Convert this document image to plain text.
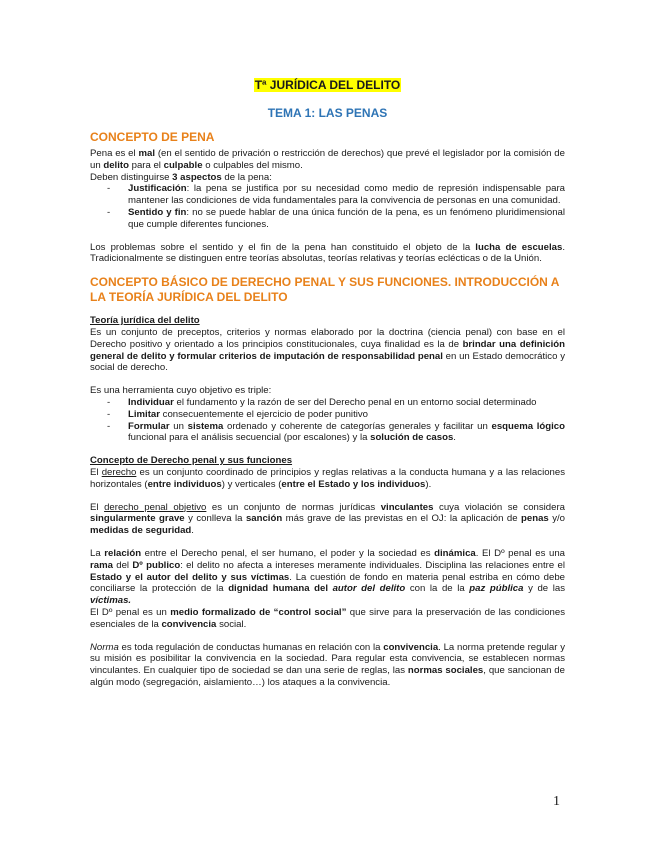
Tª JURÍDICA DEL DELITO
TEMA 1: LAS PENAS
CONCEPTO DE PENA

Pena es el mal (en el sentido de privación o restricción de derechos) que prevé el legislador por la comisión de un delito para el culpable o culpables del mismo.

Deben distinguirse 3 aspectos de la pena:

- Justificación: la pena se justifica por su necesidad como medio de represión indispensable para mantener las condiciones de vida fundamentales para la convivencia de personas en una comunidad.
- Sentido y fin: no se puede hablar de una única función de la pena, es un fenómeno pluridimensional que cumple diferentes funciones.

Los problemas sobre el sentido y el fin de la pena han constituido el objeto de la lucha de escuelas. Tradicionalmente se distinguen entre teorías absolutas, teorías relativas y teorías eclécticas o de la Unión.

CONCEPTO BÁSICO DE DERECHO PENAL Y SUS FUNCIONES. INTRODUCCIÓN A LA TEORÍA JURÍDICA DEL DELITO

Teoría jurídica del delito

Es un conjunto de preceptos, criterios y normas elaborado por la doctrina (ciencia penal) con base en el Derecho positivo y orientado a los principios constitucionales, cuya finalidad es la de brindar una definición general de delito y formular criterios de imputación de responsabilidad penal en un Estado democrático y social de derecho.

Es una herramienta cuyo objetivo es triple:

- Individuar el fundamento y la razón de ser del Derecho penal en un entorno social determinado
- Limitar consecuentemente el ejercicio de poder punitivo
- Formular un sistema ordenado y coherente de categorías generales y facilitar un esquema lógico funcional para el análisis secuencial (por escalones) y la solución de casos.

Concepto de Derecho penal y sus funciones

El derecho es un conjunto coordinado de principios y reglas relativas a la conducta humana y a las relaciones horizontales (entre individuos) y verticales (entre el Estado y los individuos).

El derecho penal objetivo es un conjunto de normas jurídicas vinculantes cuya violación se considera singularmente grave y conlleva la sanción más grave de las previstas en el OJ: la aplicación de penas y/o medidas de seguridad.

La relación entre el Derecho penal, el ser humano, el poder y la sociedad es dinámica. El Dº penal es una rama del Dº publico: el delito no afecta a intereses meramente individuales. Disciplina las relaciones entre el Estado y el autor del delito y sus víctimas. La cuestión de fondo en materia penal estriba en cómo debe conciliarse la protección de la dignidad humana del autor del delito con la de la paz pública y de las víctimas.

El Dº penal es un medio formalizado de “control social” que sirve para la preservación de las condiciones esenciales de la convivencia social.

Norma es toda regulación de conductas humanas en relación con la convivencia. La norma pretende regular y su misión es posibilitar la convivencia en la sociedad. Para regular esta convivencia, se establecen normas vinculantes. En cualquier tipo de sociedad se dan una serie de reglas, las normas sociales, que sancionan de algún modo (segregación, aislamiento…) los ataques a la convivencia.

1
